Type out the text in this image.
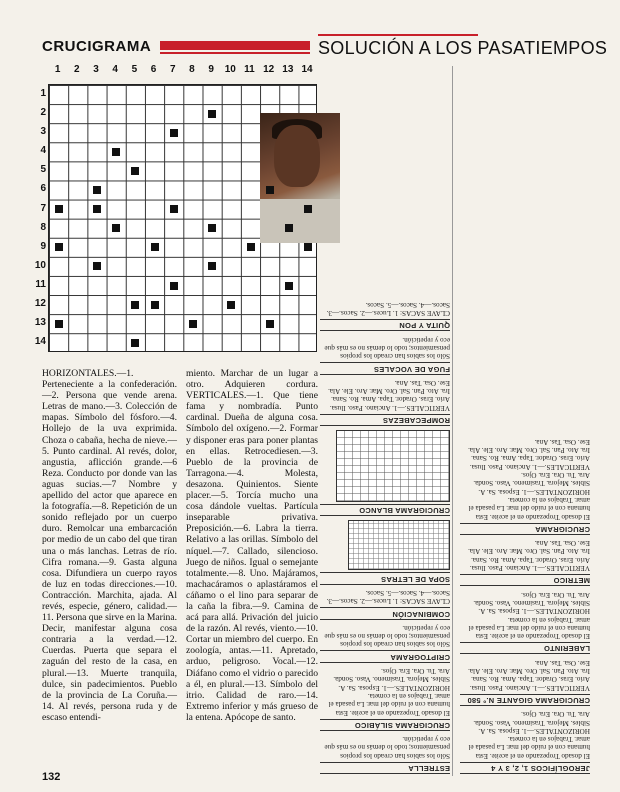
CRUCIGRAMA	SOLUCIÓN A LOS PASATIEMPOS
1	2	3	4	5	6	7	8	9	10 11 12 13 14
1
2
3
4
5
6
7
8
9
10
11
12
13
14
HORIZONTALES.—1. Perteneciente a la confederación.—2. Persona que vende arena. Letras de mano.—3. Colección de mapas. Símbolo del fósforo.—4. Hollejo de la uva exprimida. Choza o cabaña, hecha de nieve.—5. Punto cardinal. Al revés, dolor, angustia, aflicción grande.—6 Reza. Conducto por donde van las aguas sucias.—7 Nombre y apellido del actor que aparece en la fotografía.—8. Repetición de un sonido reflejado por un cuerpo duro. Remolcar una embarcación por medio de un cabo del que tiran una o más lanchas. Letras de río. Cifra romana.—9. Gasta alguna cosa. Difundiera un cuerpo rayos de luz en todas direcciones.—10. Contracción. Marchita, ajada. Al revés, especie, género, calidad.—11. Persona que sirve en la Marina. Decir, manifestar alguna cosa contraria a la verdad.—12. Cuerdas. Puerta que separa el zaguán del resto de la casa, en plural.—13. Muerte tranquila, dulce, sin padecimientos. Pueblo de la provincia de La Coruña.—14. Al revés, persona ruda y de escaso entendi-
miento. Marchar de un lugar a otro. Adquieren cordura. VERTICALES.—1. Que tiene fama y nombradía. Punto cardinal. Dueña de alguna cosa. Símbolo del oxígeno.—2. Formar y disponer eras para poner plantas en ellas. Retrocediesen.—3. Pueblo de la provincia de Tarragona.—4. Molesta, desazona. Quinientos. Siente placer.—5. Torcía mucho una cosa dándole vueltas. Partícula inseparable privativa. Preposición.—6. Labra la tierra. Relativo a las orillas. Símbolo del níquel.—7. Callado, silencioso. Juego de niños. Igual o semejante totalmente.—8. Uno. Majáramos, machacáramos o aplastáramos el cáñamo o el lino para separar de la caña la fibra.—9. Camina de acá para allá. Privación del juicio de la razón. Al revés, viento.—10. Cortar un miembro del cuerpo. En zoología, antas.—11. Apretado, arduo, peligroso. Vocal.—12. Diáfano como el vidrio o parecido a él, en plural.—13. Símbolo del itrio. Calidad de raro.—14. Extremo inferior y más grueso de la entena. Apócope de santo.
132
JEROGLÍFICOS 1, 2, 3 Y 4
El dosado Tropezando en el aceite. Esta humana con el ruido del mar. La pasada el amar. Trabajos en la cometa. HORIZONTALES.—1. Esposa. Sa. A. Sibles. Mejora. Trasimeno. Vaso. Sonda. Ara. Tu. Ora. Era. Ojos.
CRUCIGRAMA GIGANTE N.º 580
VERTICALES.—1. Anciano. Paso. Ilusa. Ario. Eras. Orador. Tapa. Ama. Ro. Sana. Ira. Ato. Pan. Sal. Oro. Mar. Aro. Ele. Ala. Ese. Osa. Tas. Ana.
LABERINTO
El dosado Tropezando en el aceite. Esta humana con el ruido del mar. La pasada el amar. Trabajos en la cometa. HORIZONTALES.—1. Esposa. Sa. A. Sibles. Mejora. Trasimeno. Vaso. Sonda. Ara. Tu. Ora. Era. Ojos.
METRICO
VERTICALES.—1. Anciano. Paso. Ilusa. Ario. Eras. Orador. Tapa. Ama. Ro. Sana. Ira. Ato. Pan. Sal. Oro. Mar. Aro. Ele. Ala. Ese. Osa. Tas. Ana.
CRUCIGRAMA
El dosado Tropezando en el aceite. Esta humana con el ruido del mar. La pasada el amar. Trabajos en la cometa. HORIZONTALES.—1. Esposa. Sa. A. Sibles. Mejora. Trasimeno. Vaso. Sonda. Ara. Tu. Ora. Era. Ojos.
VERTICALES.—1. Anciano. Paso. Ilusa. Ario. Eras. Orador. Tapa. Ama. Ro. Sana. Ira. Ato. Pan. Sal. Oro. Mar. Aro. Ele. Ala. Ese. Osa. Tas. Ana.
ESTRELLA
Sólo los sabios han creado los propios pensamientos; todo lo demás no es más que eco y repetición.
CRUCIGRAMA SILÁBICO
El dosado Tropezando en el aceite. Esta humana con el ruido del mar. La pasada el amar. Trabajos en la cometa. HORIZONTALES.—1. Esposa. Sa. A. Sibles. Mejora. Trasimeno. Vaso. Sonda. Ara. Tu. Ora. Era. Ojos.
CRIPTOGRAMA
Sólo los sabios han creado los propios pensamientos; todo lo demás no es más que eco y repetición.
COMBINACIÓN
CLAVE SACAS: 1. Luces.—2. Sacos.—3. Sacos.—4. Sacos.—5. Sacos.
SOPA DE LETRAS
CRUCIGRAMA BLANCO
ROMPECABEZAS
VERTICALES.—1. Anciano. Paso. Ilusa. Ario. Eras. Orador. Tapa. Ama. Ro. Sana. Ira. Ato. Pan. Sal. Oro. Mar. Aro. Ele. Ala. Ese. Osa. Tas. Ana.
FUGA DE VOCALES
Sólo los sabios han creado los propios pensamientos; todo lo demás no es más que eco y repetición.
QUITA Y PON
CLAVE SACAS: 1. Luces.—2. Sacos.—3. Sacos.—4. Sacos.—5. Sacos.
